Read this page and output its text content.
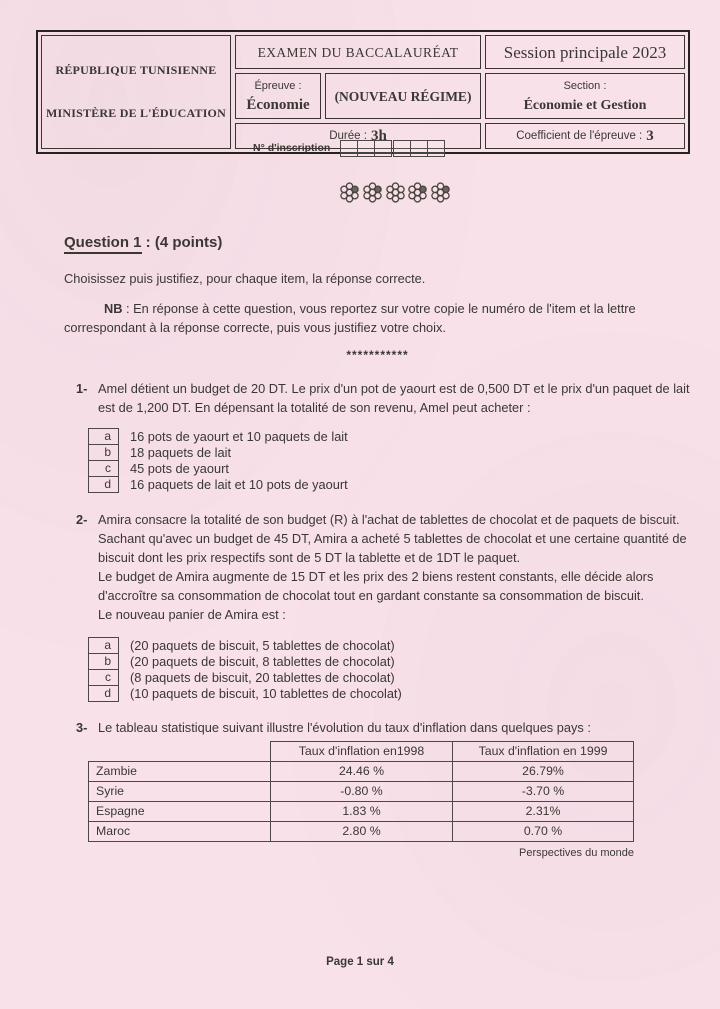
RÉPUBLIQUE TUNISIENNE
MINISTÈRE DE L'ÉDUCATION
EXAMEN DU BACCALAURÉAT	Session principale 2023
Épreuve :
Économie
(NOUVEAU RÉGIME)
Section :
Économie et Gestion
Durée : 3h	Coefficient de l'épreuve : 3
N° d'inscription

Question 1 : (4 points)

Choisissez puis justifiez, pour chaque item, la réponse correcte.

NB : En réponse à cette question, vous reportez sur votre copie le numéro de l'item et la lettre correspondant à la réponse correcte, puis vous justifiez votre choix.

***********
1- Amel détient un budget de 20 DT. Le prix d'un pot de yaourt est de 0,500 DT et le prix d'un paquet de lait est de 1,200 DT. En dépensant la totalité de son revenu, Amel peut acheter :

a	16 pots de yaourt et 10 paquets de lait
b	18 paquets de lait
c	45 pots de yaourt
d	16 paquets de lait et 10 pots de yaourt
2- Amira consacre la totalité de son budget (R) à l'achat de tablettes de chocolat et de paquets de biscuit.

Sachant qu'avec un budget de 45 DT, Amira a acheté 5 tablettes de chocolat et une certaine quantité de biscuit dont les prix respectifs sont de 5 DT la tablette et de 1DT le paquet.

Le budget de Amira augmente de 15 DT et les prix des 2 biens restent constants, elle décide alors d'accroître sa consommation de chocolat tout en gardant constante sa consommation de biscuit.

Le nouveau panier de Amira est :

a	(20 paquets de biscuit, 5 tablettes de chocolat)
b	(20 paquets de biscuit, 8 tablettes de chocolat)
c	(8 paquets de biscuit, 20 tablettes de chocolat)
d	(10 paquets de biscuit, 10 tablettes de chocolat)
3- Le tableau statistique suivant illustre l'évolution du taux d'inflation dans quelques pays :

	Taux d'inflation en1998	Taux d'inflation en 1999
Zambie	24.46 %	26.79%
Syrie	-0.80 %	-3.70 %
Espagne	1.83 %	2.31%
Maroc	2.80 %	0.70 %
Perspectives du monde
Page 1 sur 4
